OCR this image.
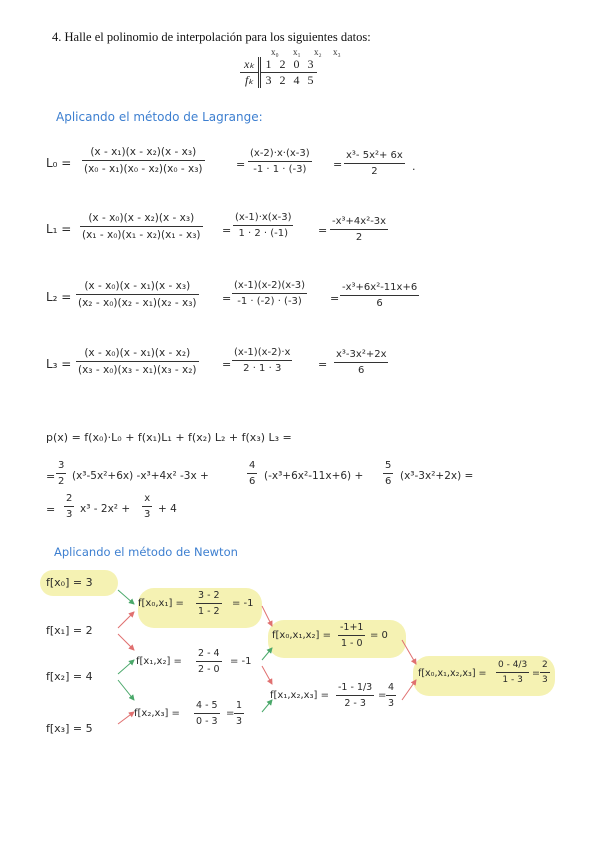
4. Halle el polinomio de interpolación para los siguientes datos:
x₀ x₁ x₂ x₃
xₖ	1	2	0	3
fₖ	3	2	4	5
Aplicando el método de Lagrange:
L₀ =
(x - x₁)(x - x₂)(x - x₃)
(x₀ - x₁)(x₀ - x₂)(x₀ - x₃)	=
(x-2)·x·(x-3)
-1 · 1 · (-3)	=
x³- 5x²+ 6x
2	.
L₁ =
(x - x₀)(x - x₂)(x - x₃)
(x₁ - x₀)(x₁ - x₂)(x₁ - x₃) =
(x-1)·x(x-3)
1 · 2 · (-1)	=
-x³+4x²-3x
2
L₂ =
(x - x₀)(x - x₁)(x - x₃)
(x₂ - x₀)(x₂ - x₁)(x₂ - x₃) =
(x-1)(x-2)(x-3)
-1 · (-2) · (-3)	=
-x³+6x²-11x+6
6
L₃ =
(x - x₀)(x - x₁)(x - x₂)
(x₃ - x₀)(x₃ - x₁)(x₃ - x₂) =
(x-1)(x-2)·x
2 · 1 · 3	=
x³-3x²+2x
6
p(x) = f(x₀)·L₀ + f(x₁)L₁ + f(x₂) L₂ + f(x₃) L₃ =
=
3
2 (x³-5x²+6x) -x³+4x² -3x +
4
6 (-x³+6x²-11x+6) +
5
6 (x³-3x²+2x) =
=
2
3 x³ - 2x² +
x
3 + 4
Aplicando el método de Newton
f[x₀] = 3
f[x₁] = 2
f[x₂] = 4
f[x₃] = 5
f[x₀,x₁] =
3 - 2
1 - 2
= -1
f[x₁,x₂] =
2 - 4
2 - 0
= -1
f[x₂,x₃] =
4 - 5
0 - 3
=
1
3
f[x₀,x₁,x₂] =
-1+1
1 - 0
= 0
f[x₁,x₂,x₃] =
-1 - 1/3
2 - 3
=
4
3
f[x₀,x₁,x₂,x₃] =
0 - 4/3
1 - 3
=
2
3
